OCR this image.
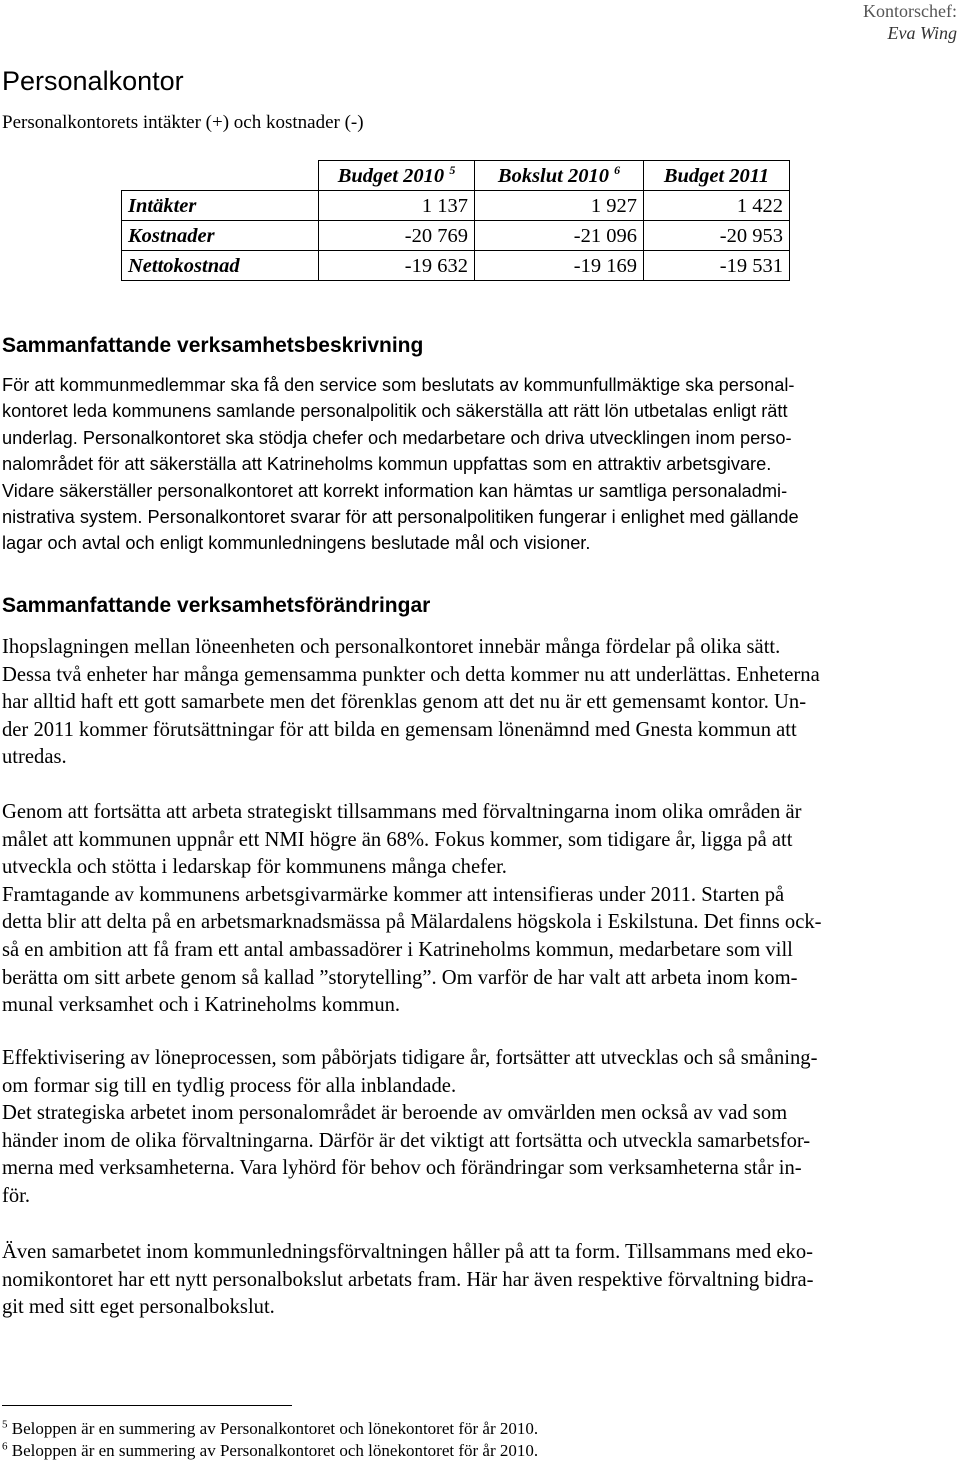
Kontorschef:
Eva Wing
Personalkontor
Personalkontorets intäkter (+) och kostnader (-)
	Budget 2010 $^5$	Bokslut 2010 $^6$	Budget 2011
Intäkter	1 137	1 927	1 422
Kostnader	-20 769	-21 096	-20 953
Nettokostnad	-19 632	-19 169	-19 531
Sammanfattande verksamhetsbeskrivning
För att kommunmedlemmar ska få den service som beslutats av kommunfullmäktige ska personal-
kontoret leda kommunens samlande personalpolitik och säkerställa att rätt lön utbetalas enligt rätt
underlag. Personalkontoret ska stödja chefer och medarbetare och driva utvecklingen inom perso-
nalområdet för att säkerställa att Katrineholms kommun uppfattas som en attraktiv arbetsgivare.
Vidare säkerställer personalkontoret att korrekt information kan hämtas ur samtliga personaladmi-
nistrativa system. Personalkontoret svarar för att personalpolitiken fungerar i enlighet med gällande
lagar och avtal och enligt kommunledningens beslutade mål och visioner.
Sammanfattande verksamhetsförändringar
Ihopslagningen mellan löneenheten och personalkontoret innebär många fördelar på olika sätt.
Dessa två enheter har många gemensamma punkter och detta kommer nu att underlättas. Enheterna
har alltid haft ett gott samarbete men det förenklas genom att det nu är ett gemensamt kontor. Un-
der 2011 kommer förutsättningar för att bilda en gemensam lönenämnd med Gnesta kommun att
utredas.
Genom att fortsätta att arbeta strategiskt tillsammans med förvaltningarna inom olika områden är
målet att kommunen uppnår ett NMI högre än 68%. Fokus kommer, som tidigare år, ligga på att
utveckla och stötta i ledarskap för kommunens många chefer.
Framtagande av kommunens arbetsgivarmärke kommer att intensifieras under 2011. Starten på
detta blir att delta på en arbetsmarknadsmässa på Mälardalens högskola i Eskilstuna. Det finns ock-
så en ambition att få fram ett antal ambassadörer i Katrineholms kommun, medarbetare som vill
berätta om sitt arbete genom så kallad ”storytelling”. Om varför de har valt att arbeta inom kom-
munal verksamhet och i Katrineholms kommun.
Effektivisering av löneprocessen, som påbörjats tidigare år, fortsätter att utvecklas och så småning-
om formar sig till en tydlig process för alla inblandade.
Det strategiska arbetet inom personalområdet är beroende av omvärlden men också av vad som
händer inom de olika förvaltningarna. Därför är det viktigt att fortsätta och utveckla samarbetsfor-
merna med verksamheterna. Vara lyhörd för behov och förändringar som verksamheterna står in-
för.
Även samarbetet inom kommunledningsförvaltningen håller på att ta form. Tillsammans med eko-
nomikontoret har ett nytt personalbokslut arbetats fram. Här har även respektive förvaltning bidra-
git med sitt eget personalbokslut.
$^5$ Beloppen är en summering av Personalkontoret och lönekontoret för år 2010.
$^6$ Beloppen är en summering av Personalkontoret och lönekontoret för år 2010.
